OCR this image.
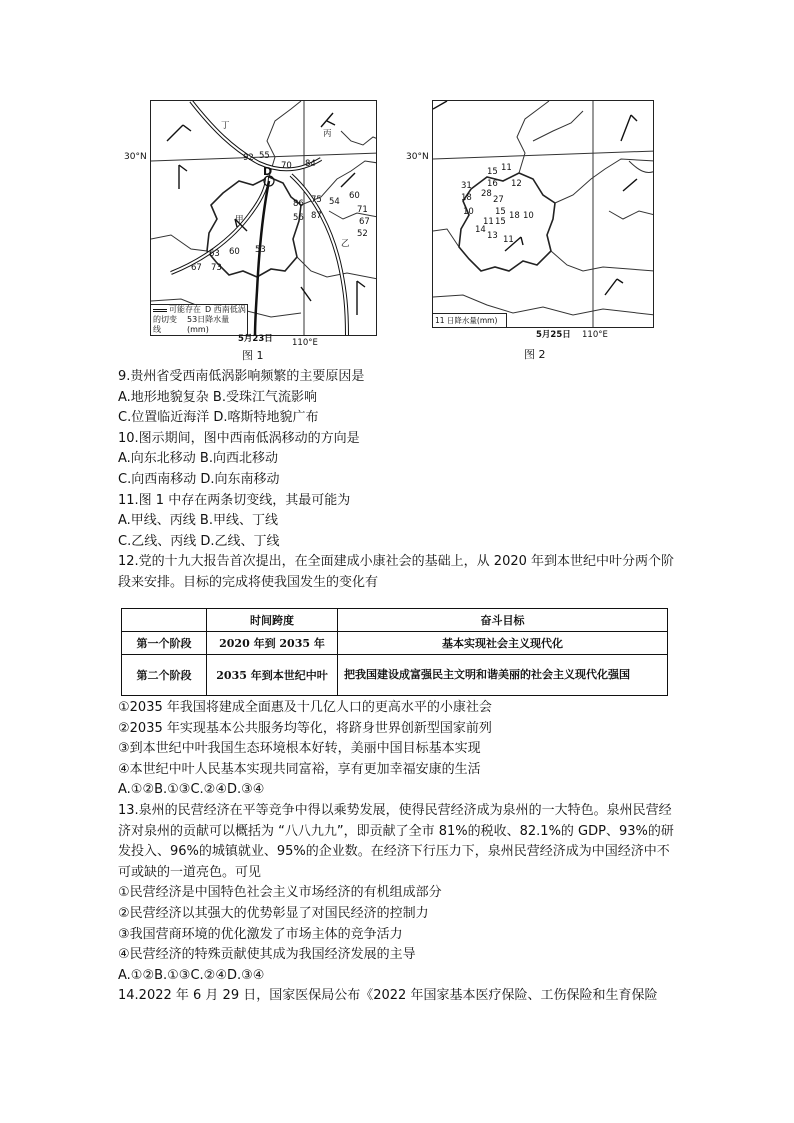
丁
丙
甲
乙
D
92 55
70 84
75 54
60
86
56 87
71
67
52
63 60 53
67 73
可能存在 D 西南低涡
的切变线
53日降水量(mm)
30°N
110°E
5月23日
图 1
15 11
16 12
31
28
27
18
15
10	18 10
11 15
14
13 11
11 日降水量(mm)
30°N
110°E
5月25日
图 2

9.贵州省受西南低涡影响频繁的主要原因是

A.地形地貌复杂 B.受珠江气流影响

C.位置临近海洋 D.喀斯特地貌广布

10.图示期间，图中西南低涡移动的方向是

A.向东北移动 B.向西北移动

C.向西南移动 D.向东南移动

11.图 1 中存在两条切变线，其最可能为

A.甲线、丙线 B.甲线、丁线

C.乙线、丙线 D.乙线、丁线

12.党的十九大报告首次提出，在全面建成小康社会的基础上，从 2020 年到本世纪中叶分两个阶段来安排。目标的完成将使我国发生的变化有

	时间跨度	奋斗目标
第一个阶段	2020 年到 2035 年	基本实现社会主义现代化
第二个阶段	2035 年到本世纪中叶	把我国建设成富强民主文明和谐美丽的社会主义现代化强国

①2035 年我国将建成全面惠及十几亿人口的更高水平的小康社会

②2035 年实现基本公共服务均等化，将跻身世界创新型国家前列

③到本世纪中叶我国生态环境根本好转，美丽中国目标基本实现

④本世纪中叶人民基本实现共同富裕，享有更加幸福安康的生活

A.①②B.①③C.②④D.③④

13.泉州的民营经济在平等竞争中得以乘势发展，使得民营经济成为泉州的一大特色。泉州民营经济对泉州的贡献可以概括为 “八八九九”，即贡献了全市 81%的税收、82.1%的 GDP、93%的研发投入、96%的城镇就业、95%的企业数。在经济下行压力下，泉州民营经济成为中国经济中不可或缺的一道亮色。可见

①民营经济是中国特色社会主义市场经济的有机组成部分

②民营经济以其强大的优势彰显了对国民经济的控制力

③我国营商环境的优化激发了市场主体的竞争活力

④民营经济的特殊贡献使其成为我国经济发展的主导

A.①②B.①③C.②④D.③④

14.2022 年 6 月 29 日，国家医保局公布《2022 年国家基本医疗保险、工伤保险和生育保险
